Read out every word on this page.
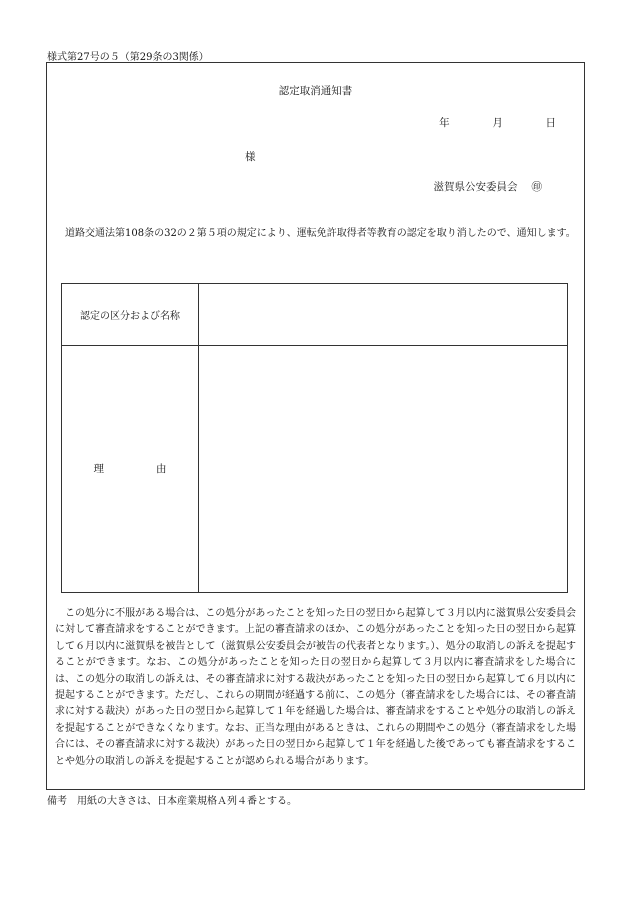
様式第27号の５（第29条の3関係）
認定取消通知書
年	月	日
様
滋賀県公安委員会 ㊞
道路交通法第108条の32の２第５項の規定により、運転免許取得者等教育の認定を取り消したので、通知します。
認定の区分および名称
理	由
この処分に不服がある場合は、この処分があったことを知った日の翌日から起算して３月以内に滋賀県公安委員会に対して審査請求をすることができます。上記の審査請求のほか、この処分があったことを知った日の翌日から起算して６月以内に滋賀県を被告として（滋賀県公安委員会が被告の代表者となります。）、処分の取消しの訴えを提起することができます。なお、この処分があったことを知った日の翌日から起算して３月以内に審査請求をした場合には、この処分の取消しの訴えは、その審査請求に対する裁決があったことを知った日の翌日から起算して６月以内に提起することができます。ただし、これらの期間が経過する前に、この処分（審査請求をした場合には、その審査請求に対する裁決）があった日の翌日から起算して１年を経過した場合は、審査請求をすることや処分の取消しの訴えを提起することができなくなります。なお、正当な理由があるときは、これらの期間やこの処分（審査請求をした場合には、その審査請求に対する裁決）があった日の翌日から起算して１年を経過した後であっても審査請求をすることや処分の取消しの訴えを提起することが認められる場合があります。
備考 用紙の大きさは、日本産業規格Ａ列４番とする。
